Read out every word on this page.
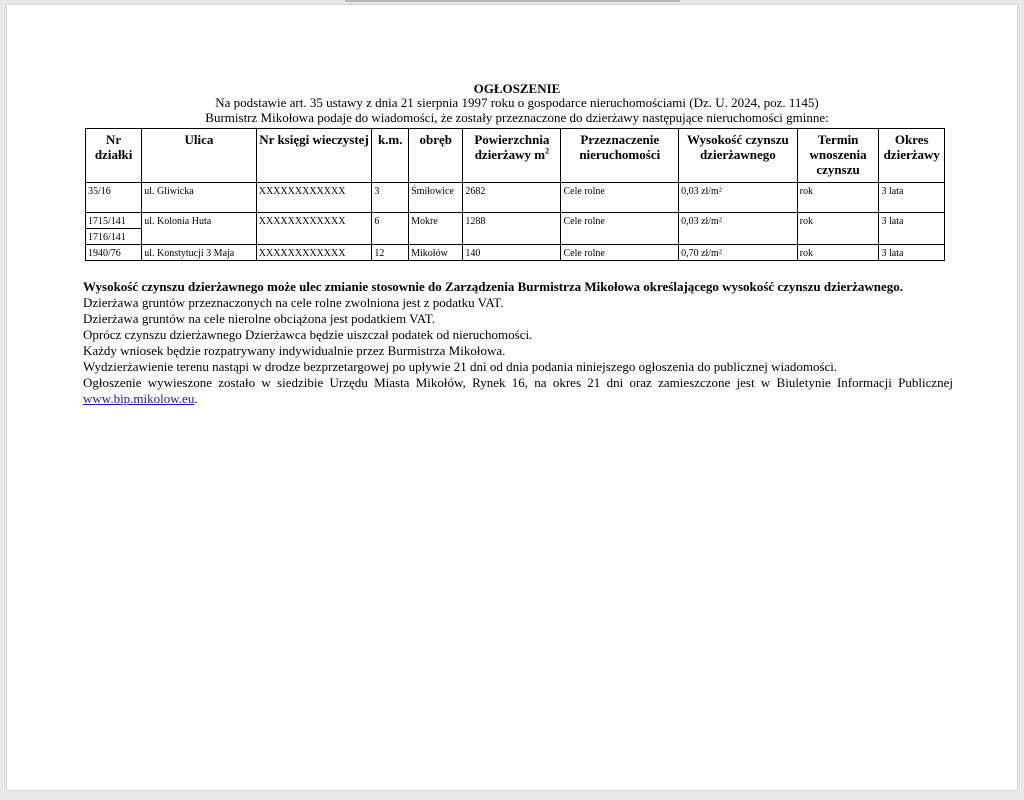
OGŁOSZENIE
Na podstawie art. 35 ustawy z dnia 21 sierpnia 1997 roku o gospodarce nieruchomościami (Dz. U. 2024, poz. 1145)
Burmistrz Mikołowa podaje do wiadomości, że zostały przeznaczone do dzierżawy następujące nieruchomości gminne:
Nr działki	Ulica	Nr księgi wieczystej	k.m.	obręb	Powierzchnia dzierżawy $m^2$	Przeznaczenie nieruchomości	Wysokość czynszu dzierżawnego	Termin wnoszenia czynszu	Okres dzierżawy
35/16	ul. Gliwicka	XXXXXXXXXXXX	3	Śmiłowice	2682	Cele rolne	0,03 zł/m²	rok	3 lata
1715/141	ul. Kolonia Huta	XXXXXXXXXXXX	6	Mokre	1288	Cele rolne	0,03 zł/m²	rok	3 lata
1716/141									
1940/76	ul. Konstytucji 3 Maja	XXXXXXXXXXXX	12	Mikołów	140	Cele rolne	0,70 zł/m²	rok	3 lata
Wysokość czynszu dzierżawnego może ulec zmianie stosownie do Zarządzenia Burmistrza Mikołowa określającego wysokość czynszu dzierżawnego.
Dzierżawa gruntów przeznaczonych na cele rolne zwolniona jest z podatku VAT.
Dzierżawa gruntów na cele nierolne obciążona jest podatkiem VAT.
Oprócz czynszu dzierżawnego Dzierżawca będzie uiszczał podatek od nieruchomości.
Każdy wniosek będzie rozpatrywany indywidualnie przez Burmistrza Mikołowa.
Wydzierżawienie terenu nastąpi w drodze bezprzetargowej po upływie 21 dni od dnia podania niniejszego ogłoszenia do publicznej wiadomości.
Ogłoszenie wywieszone zostało w siedzibie Urzędu Miasta Mikołów, Rynek 16, na okres 21 dni oraz zamieszczone jest w Biuletynie Informacji Publicznej www.bip.mikolow.eu.
